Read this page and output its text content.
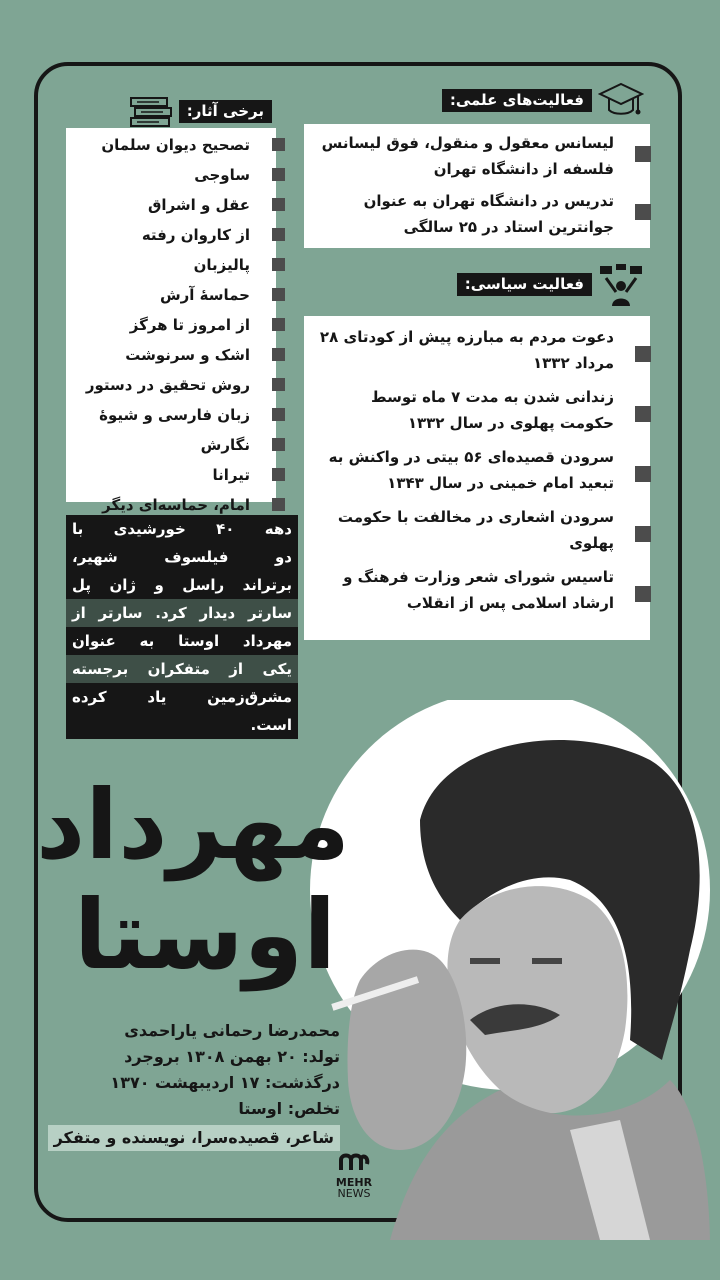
برخی آثار:
تصحیح دیوان سلمان
ساوجی
عقل و اشراق
از کاروان رفته
پالیزبان
حماسهٔ آرش
از امروز تا هرگز
اشک و سرنوشت
روش تحقیق در دستور
زبان فارسی و شیوهٔ
نگارش
تیرانا
امام، حماسه‌ای دیگر
فعالیت‌های علمی:
لیسانس معقول و منقول، فوق لیسانس فلسفه از دانشگاه تهران
تدریس در دانشگاه تهران به عنوان جوانترین استاد در ۲۵ سالگی
فعالیت سیاسی:
دعوت مردم به مبارزه پیش از کودتای ۲۸ مرداد ۱۳۳۲
زندانی شدن به مدت ۷ ماه توسط حکومت پهلوی در سال ۱۳۳۲
سرودن قصیده‌ای ۵۶ بیتی در واکنش به تبعید امام خمینی در سال ۱۳۴۳
سرودن اشعاری در مخالفت با حکومت پهلوی
تاسیس شورای شعر وزارت فرهنگ و ارشاد اسلامی پس از انقلاب
دهه ۴۰ خورشیدی با
دو فیلسوف شهیر،
برتراند راسل و ژان پل
سارتر دیدار کرد. سارتر از
مهرداد اوستا به عنوان
یکی از متفکران برجسته
مشرق‌زمین یاد کرده
است.
مهرداد
اوستا
محمدرضا رحمانی یاراحمدی
تولد: ۲۰ بهمن ۱۳۰۸ بروجرد
درگذشت: ۱۷ اردیبهشت ۱۳۷۰
تخلص: اوستا
شاعر، قصیده‌سرا، نویسنده و متفکر
MEHR
NEWS
